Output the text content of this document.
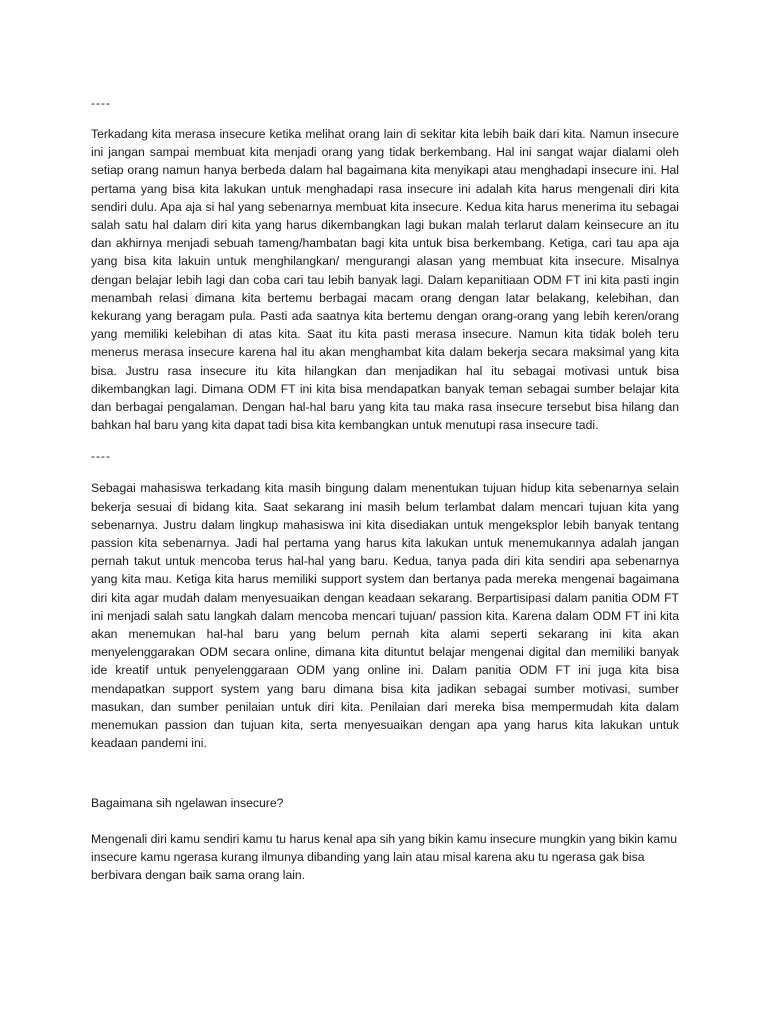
----

Terkadang kita merasa insecure ketika melihat orang lain di sekitar kita lebih baik dari kita. Namun insecure ini jangan sampai membuat kita menjadi orang yang tidak berkembang. Hal ini sangat wajar dialami oleh setiap orang namun hanya berbeda dalam hal bagaimana kita menyikapi atau menghadapi insecure ini. Hal pertama yang bisa kita lakukan untuk menghadapi rasa insecure ini adalah kita harus mengenali diri kita sendiri dulu. Apa aja si hal yang sebenarnya membuat kita insecure. Kedua kita harus menerima itu sebagai salah satu hal dalam diri kita yang harus dikembangkan lagi bukan malah terlarut dalam keinsecure an itu dan akhirnya menjadi sebuah tameng/hambatan bagi kita untuk bisa berkembang. Ketiga, cari tau apa aja yang bisa kita lakuin untuk menghilangkan/ mengurangi alasan yang membuat kita insecure. Misalnya dengan belajar lebih lagi dan coba cari tau lebih banyak lagi. Dalam kepanitiaan ODM FT ini kita pasti ingin menambah relasi dimana kita bertemu berbagai macam orang dengan latar belakang, kelebihan, dan kekurang yang beragam pula. Pasti ada saatnya kita bertemu dengan orang-orang yang lebih keren/orang yang memiliki kelebihan di atas kita. Saat itu kita pasti merasa insecure. Namun kita tidak boleh teru menerus merasa insecure karena hal itu akan menghambat kita dalam bekerja secara maksimal yang kita bisa. Justru rasa insecure itu kita hilangkan dan menjadikan hal itu sebagai motivasi untuk bisa dikembangkan lagi. Dimana ODM FT ini kita bisa mendapatkan banyak teman sebagai sumber belajar kita dan berbagai pengalaman. Dengan hal-hal baru yang kita tau maka rasa insecure tersebut bisa hilang dan bahkan hal baru yang kita dapat tadi bisa kita kembangkan untuk menutupi rasa insecure tadi.

----

Sebagai mahasiswa terkadang kita masih bingung dalam menentukan tujuan hidup kita sebenarnya selain bekerja sesuai di bidang kita. Saat sekarang ini masih belum terlambat dalam mencari tujuan kita yang sebenarnya. Justru dalam lingkup mahasiswa ini kita disediakan untuk mengeksplor lebih banyak tentang passion kita sebenarnya. Jadi hal pertama yang harus kita lakukan untuk menemukannya adalah jangan pernah takut untuk mencoba terus hal-hal yang baru. Kedua, tanya pada diri kita sendiri apa sebenarnya yang kita mau. Ketiga kita harus memiliki support system dan bertanya pada mereka mengenai bagaimana diri kita agar mudah dalam menyesuaikan dengan keadaan sekarang. Berpartisipasi dalam panitia ODM FT ini menjadi salah satu langkah dalam mencoba mencari tujuan/ passion kita. Karena dalam ODM FT ini kita akan menemukan hal-hal baru yang belum pernah kita alami seperti sekarang ini kita akan menyelenggarakan ODM secara online, dimana kita dituntut belajar mengenai digital dan memiliki banyak ide kreatif untuk penyelenggaraan ODM yang online ini. Dalam panitia ODM FT ini juga kita bisa mendapatkan support system yang baru dimana bisa kita jadikan sebagai sumber motivasi, sumber masukan, dan sumber penilaian untuk diri kita. Penilaian dari mereka bisa mempermudah kita dalam menemukan passion dan tujuan kita, serta menyesuaikan dengan apa yang harus kita lakukan untuk keadaan pandemi ini.

Bagaimana sih ngelawan insecure?

Mengenali diri kamu sendiri kamu tu harus kenal apa sih yang bikin kamu insecure mungkin yang bikin kamu insecure kamu ngerasa kurang ilmunya dibanding yang lain atau misal karena aku tu ngerasa gak bisa berbivara dengan baik sama orang lain.
